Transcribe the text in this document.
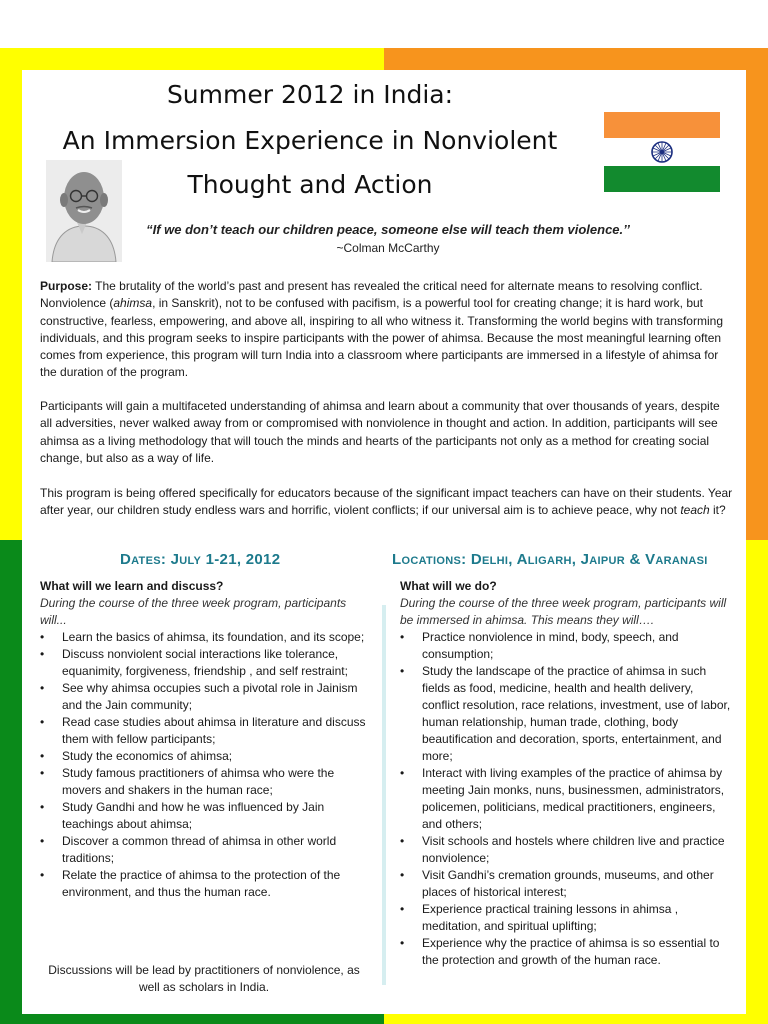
Summer 2012 in India:
An Immersion Experience in Nonviolent
Thought and Action
“If we don’t teach our children peace, someone else will teach them violence.’’
~Colman McCarthy
Purpose: The brutality of the world’s past and present has revealed the critical need for alternate means to resolving conflict. Nonviolence (ahimsa, in Sanskrit), not to be confused with pacifism, is a powerful tool for creating change; it is hard work, but constructive, fearless, empowering, and above all, inspiring to all who witness it. Transforming the world begins with transforming individuals, and this program seeks to inspire participants with the power of ahimsa. Because the most meaningful learning often comes from experience, this program will turn India into a classroom where participants are immersed in a lifestyle of ahimsa for the duration of the program.
Participants will gain a multifaceted understanding of ahimsa and learn about a community that over thousands of years, despite all adversities, never walked away from or compromised with nonviolence in thought and action. In addition, participants will see ahimsa as a living methodology that will touch the minds and hearts of the participants not only as a method for creating social change, but also as a way of life.
This program is being offered specifically for educators because of the significant impact teachers can have on their students. Year after year, our children study endless wars and horrific, violent conflicts; if our universal aim is to achieve peace, why not teach it?
Dates: July 1-21, 2012	Locations: Delhi, Aligarh, Jaipur & Varanasi
What will we learn and discuss?
During the course of the three week program, participants will...
• Learn the basics of ahimsa, its foundation, and its scope;
• Discuss nonviolent social interactions like tolerance, equanimity, forgiveness, friendship , and self restraint;
• See why ahimsa occupies such a pivotal role in Jainism and the Jain community;
• Read case studies about ahimsa in literature and discuss them with fellow participants;
• Study the economics of ahimsa;
• Study famous practitioners of ahimsa who were the movers and shakers in the human race;
• Study Gandhi and how he was influenced by Jain teachings about ahimsa;
• Discover a common thread of ahimsa in other world traditions;
• Relate the practice of ahimsa to the protection of the environment, and thus the human race.
Discussions will be lead by practitioners of nonviolence, as well as scholars in India.
What will we do?
During the course of the three week program, participants will be immersed in ahimsa. This means they will….
• Practice nonviolence in mind, body, speech, and consumption;
• Study the landscape of the practice of ahimsa in such fields as food, medicine, health and health delivery, conflict resolution, race relations, investment, use of labor, human relationship, human trade, clothing, body beautification and decoration, sports, entertainment, and more;
• Interact with living examples of the practice of ahimsa by meeting Jain monks, nuns, businessmen, administrators, policemen, politicians, medical practitioners, engineers, and others;
• Visit schools and hostels where children live and practice nonviolence;
• Visit Gandhi’s cremation grounds, museums, and other places of historical interest;
• Experience practical training lessons in ahimsa , meditation, and spiritual uplifting;
• Experience why the practice of ahimsa is so essential to the protection and growth of the human race.
